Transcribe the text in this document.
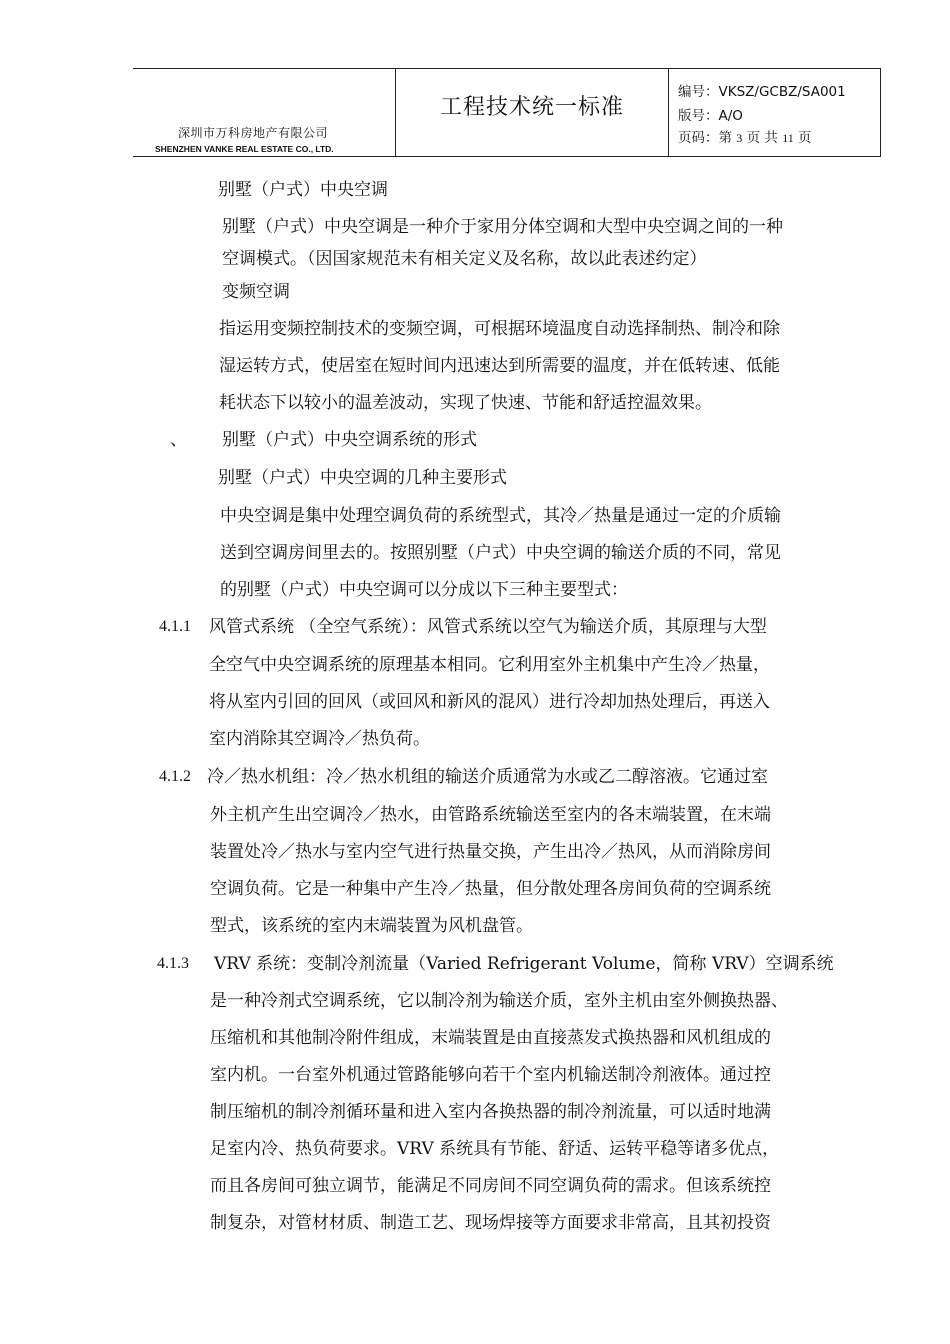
深圳市万科房地产有限公司
SHENZHEN VANKE REAL ESTATE CO., LTD.
工程技术统一标准
编号：VKSZ/GCBZ/SA001
版号：A/O
页码：第 3 页 共 11 页
别墅（户式）中央空调
别墅（户式）中央空调是一种介于家用分体空调和大型中央空调之间的一种
空调模式。（因国家规范未有相关定义及名称，故以此表述约定）
变频空调
指运用变频控制技术的变频空调，可根据环境温度自动选择制热、制冷和除
湿运转方式，使居室在短时间内迅速达到所需要的温度，并在低转速、低能
耗状态下以较小的温差波动，实现了快速、节能和舒适控温效果。
、 别墅（户式）中央空调系统的形式
别墅（户式）中央空调的几种主要形式
中央空调是集中处理空调负荷的系统型式，其冷／热量是通过一定的介质输
送到空调房间里去的。按照别墅（户式）中央空调的输送介质的不同，常见
的别墅（户式）中央空调可以分成以下三种主要型式：
4.1.1 风管式系统 （全空气系统）：风管式系统以空气为输送介质，其原理与大型
全空气中央空调系统的原理基本相同。它利用室外主机集中产生冷／热量，
将从室内引回的回风（或回风和新风的混风）进行冷却加热处理后，再送入
室内消除其空调冷／热负荷。
4.1.2 冷／热水机组：冷／热水机组的输送介质通常为水或乙二醇溶液。它通过室
外主机产生出空调冷／热水，由管路系统输送至室内的各末端装置，在末端
装置处冷／热水与室内空气进行热量交换，产生出冷／热风，从而消除房间
空调负荷。它是一种集中产生冷／热量，但分散处理各房间负荷的空调系统
型式，该系统的室内末端装置为风机盘管。
4.1.3 VRV 系统：变制冷剂流量（Varied Refrigerant Volume，简称 VRV）空调系统
是一种冷剂式空调系统，它以制冷剂为输送介质，室外主机由室外侧换热器、
压缩机和其他制冷附件组成，末端装置是由直接蒸发式换热器和风机组成的
室内机。一台室外机通过管路能够向若干个室内机输送制冷剂液体。通过控
制压缩机的制冷剂循环量和进入室内各换热器的制冷剂流量，可以适时地满
足室内冷、热负荷要求。VRV 系统具有节能、舒适、运转平稳等诸多优点，
而且各房间可独立调节，能满足不同房间不同空调负荷的需求。但该系统控
制复杂，对管材材质、制造工艺、现场焊接等方面要求非常高，且其初投资
